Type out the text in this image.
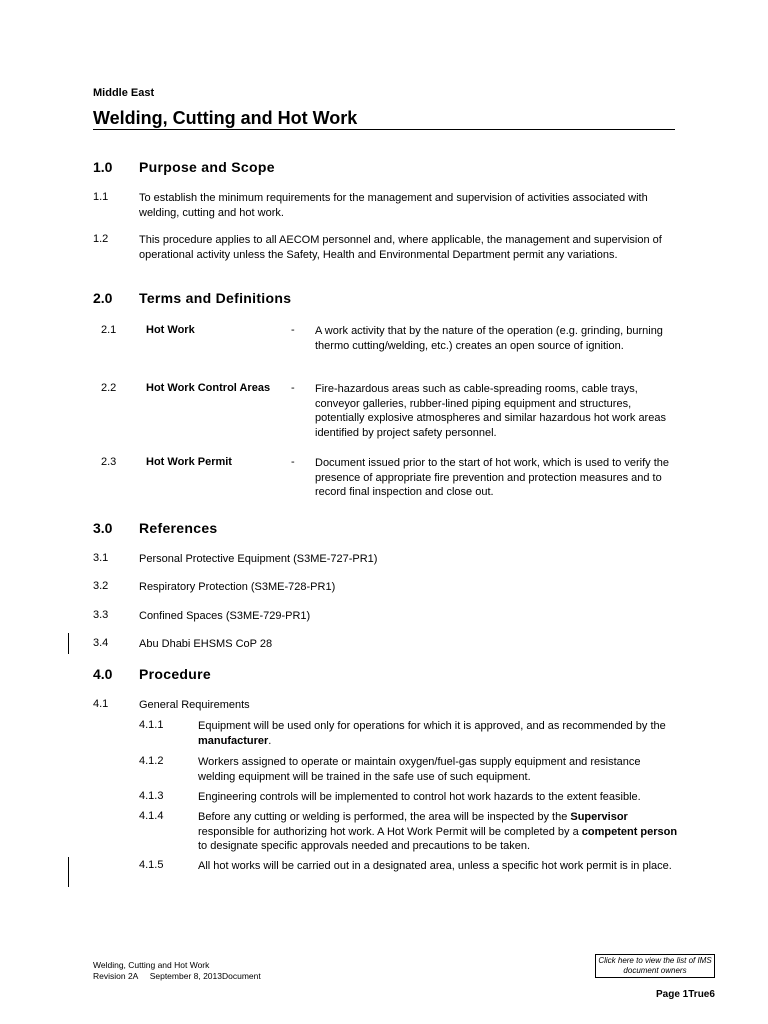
Middle East
Welding, Cutting and Hot Work
1.0 Purpose and Scope
1.1	To establish the minimum requirements for the management and supervision of activities associated with welding, cutting and hot work.
1.2	This procedure applies to all AECOM personnel and, where applicable, the management and supervision of operational activity unless the Safety, Health and Environmental Department permit any variations.
2.0 Terms and Definitions
2.1	Hot Work	- A work activity that by the nature of the operation (e.g. grinding, burning thermo cutting/welding, etc.) creates an open source of ignition.
2.2	Hot Work Control Areas - Fire-hazardous areas such as cable-spreading rooms, cable trays, conveyor galleries, rubber-lined piping equipment and structures, potentially explosive atmospheres and similar hazardous hot work areas identified by project safety personnel.
2.3	Hot Work Permit	- Document issued prior to the start of hot work, which is used to verify the presence of appropriate fire prevention and protection measures and to record final inspection and close out.
3.0 References
3.1	Personal Protective Equipment (S3ME-727-PR1)
3.2	Respiratory Protection (S3ME-728-PR1)
3.3	Confined Spaces (S3ME-729-PR1)
3.4	Abu Dhabi EHSMS CoP 28
4.0 Procedure
4.1	General Requirements
4.1.1	Equipment will be used only for operations for which it is approved, and as recommended by the manufacturer.
4.1.2	Workers assigned to operate or maintain oxygen/fuel-gas supply equipment and resistance welding equipment will be trained in the safe use of such equipment.
4.1.3	Engineering controls will be implemented to control hot work hazards to the extent feasible.
4.1.4	Before any cutting or welding is performed, the area will be inspected by the Supervisor responsible for authorizing hot work. A Hot Work Permit will be completed by a competent person to designate specific approvals needed and precautions to be taken.
4.1.5	All hot works will be carried out in a designated area, unless a specific hot work permit is in place.
Welding, Cutting and Hot Work
Revision 2A     September 8, 2013Document
Click here to view the list of IMS document owners
Page 1True6
